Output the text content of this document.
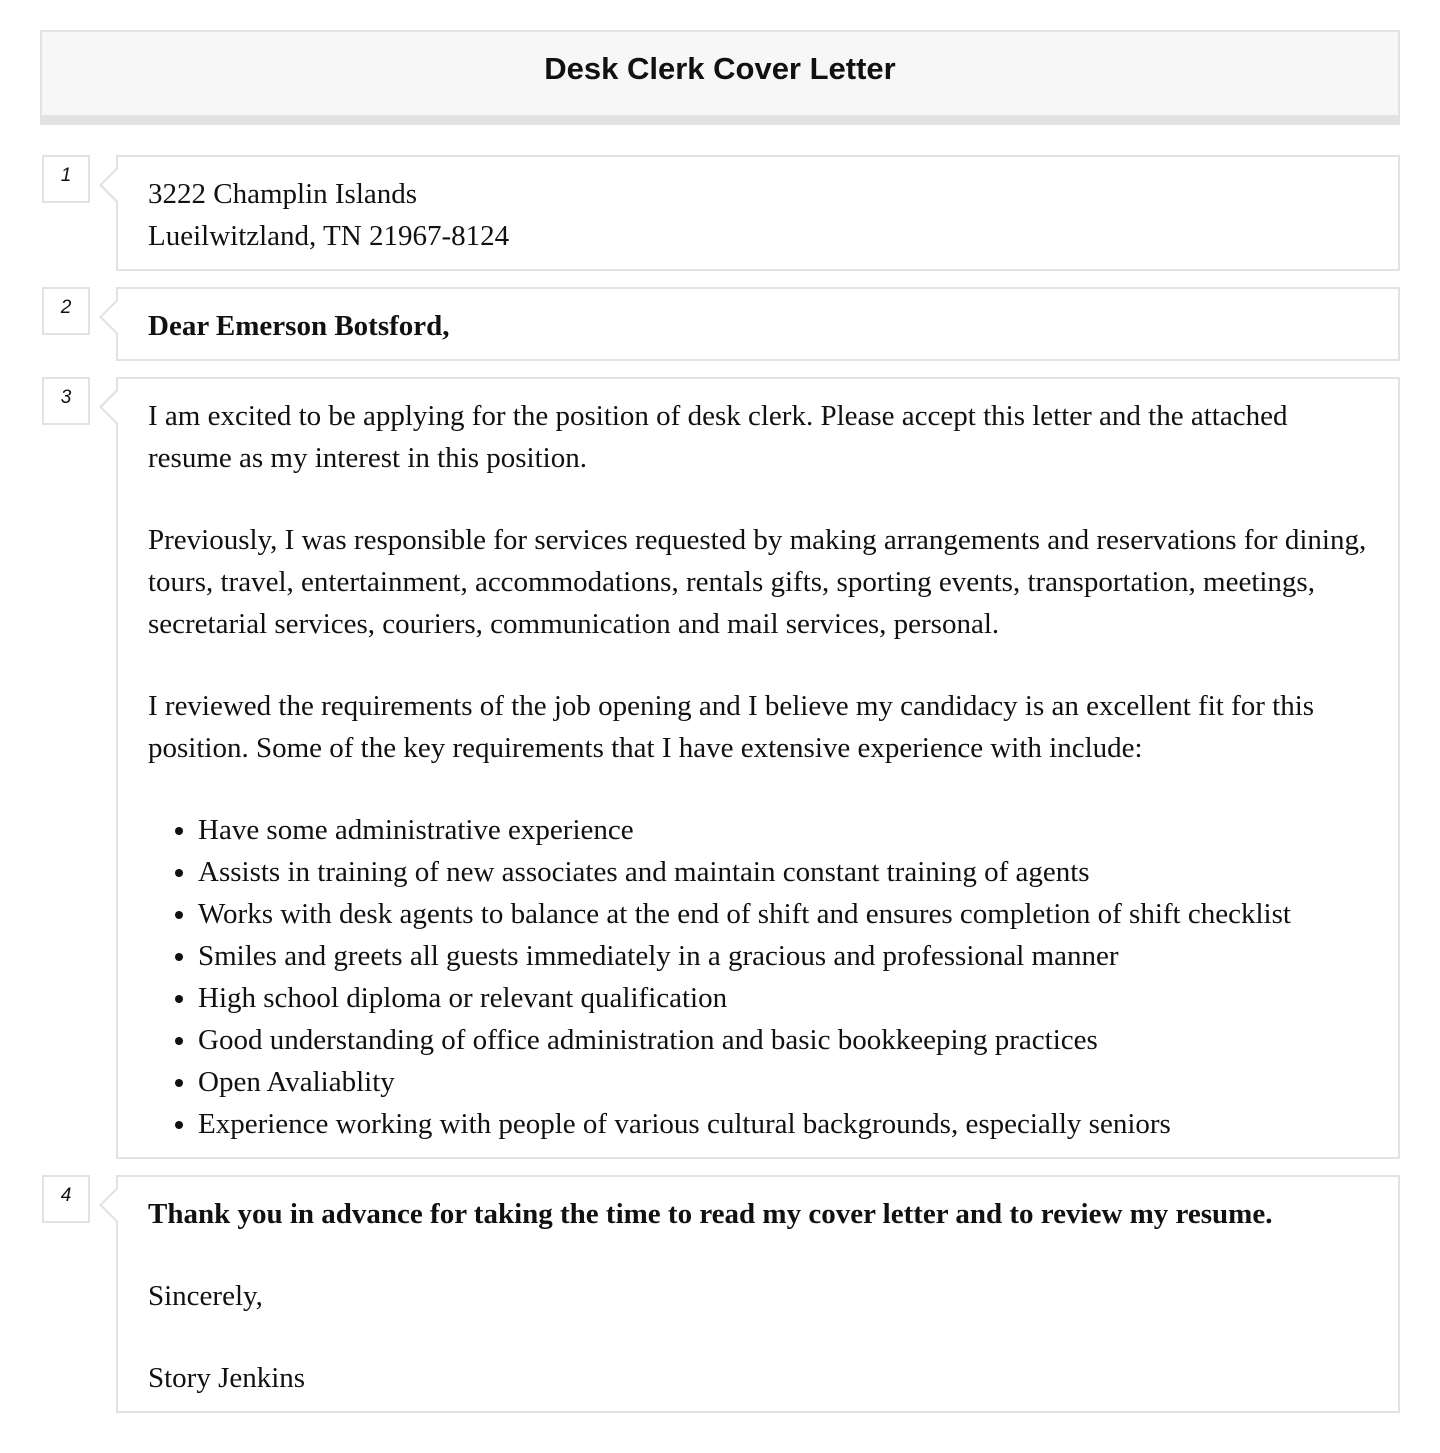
Desk Clerk Cover Letter
1

3222 Champlin Islands

Lueilwitzland, TN 21967-8124

2

Dear Emerson Botsford,

3

I am excited to be applying for the position of desk clerk. Please accept this letter and the attached resume as my interest in this position.

Previously, I was responsible for services requested by making arrangements and reservations for dining, tours, travel, entertainment, accommodations, rentals gifts, sporting events, transportation, meetings, secretarial services, couriers, communication and mail services, personal.

I reviewed the requirements of the job opening and I believe my candidacy is an excellent fit for this position. Some of the key requirements that I have extensive experience with include:

• Have some administrative experience
• Assists in training of new associates and maintain constant training of agents
• Works with desk agents to balance at the end of shift and ensures completion of shift checklist
• Smiles and greets all guests immediately in a gracious and professional manner
• High school diploma or relevant qualification
• Good understanding of office administration and basic bookkeeping practices
• Open Avaliablity
• Experience working with people of various cultural backgrounds, especially seniors
4

Thank you in advance for taking the time to read my cover letter and to review my resume.

Sincerely,

Story Jenkins
